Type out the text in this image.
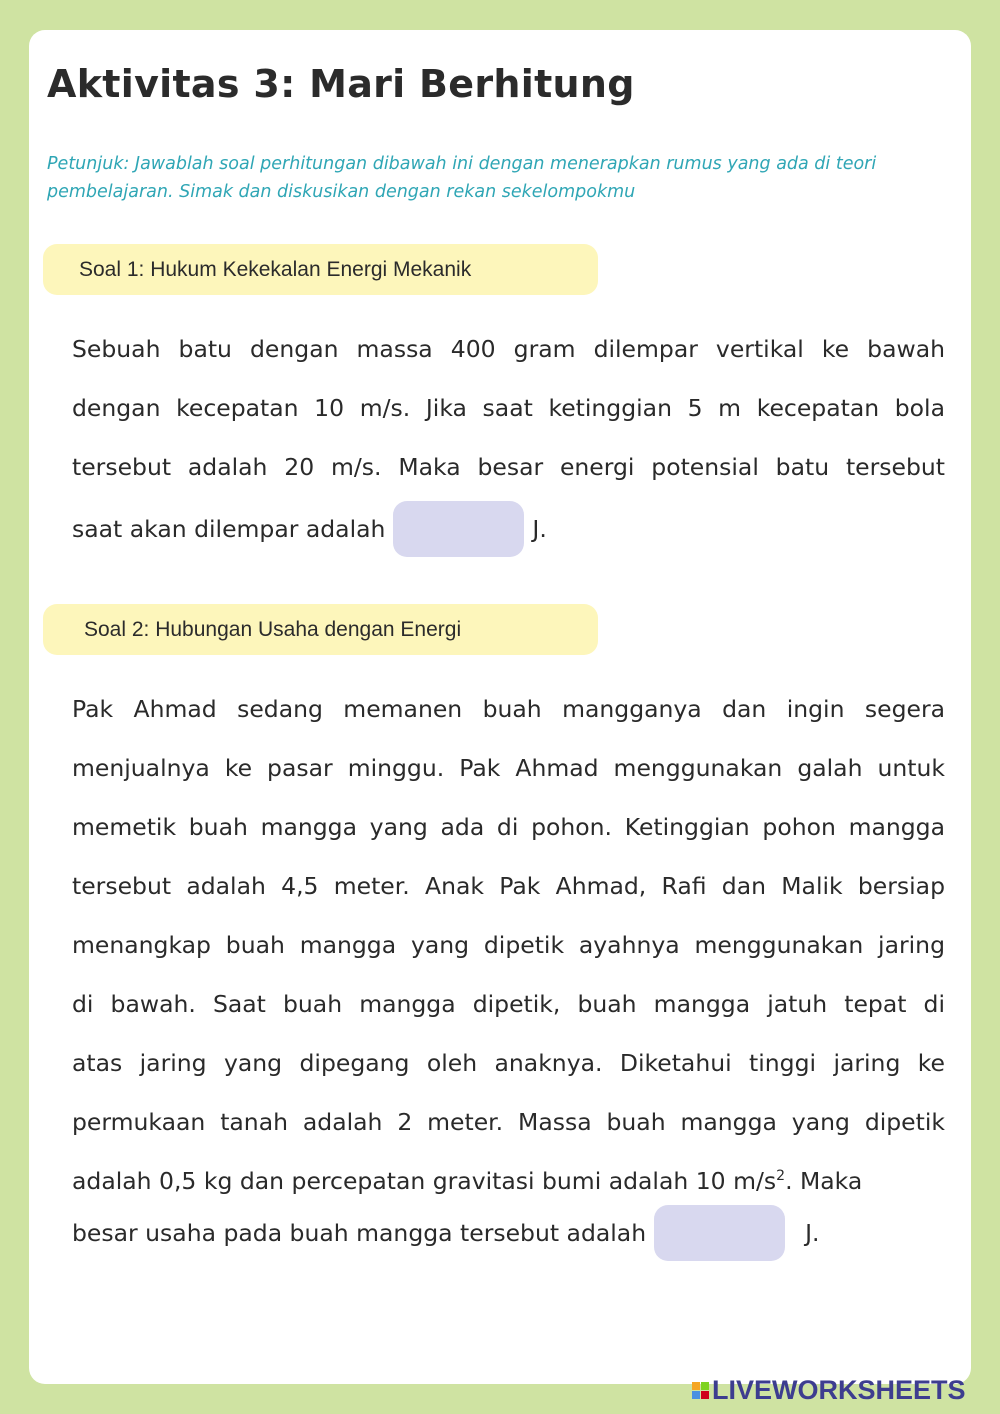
Aktivitas 3: Mari Berhitung
Petunjuk: Jawablah soal perhitungan dibawah ini dengan menerapkan rumus yang ada di teori
pembelajaran. Simak dan diskusikan dengan rekan sekelompokmu
Soal 1: Hukum Kekekalan Energi Mekanik

Sebuah batu dengan massa 400 gram dilempar vertikal ke bawah

dengan kecepatan 10 m/s. Jika saat ketinggian 5 m kecepatan bola

tersebut adalah 20 m/s. Maka besar energi potensial batu tersebut

saat akan dilempar adalah	J.
Soal 2: Hubungan Usaha dengan Energi

Pak Ahmad sedang memanen buah mangganya dan ingin segera

menjualnya ke pasar minggu. Pak Ahmad menggunakan galah untuk

memetik buah mangga yang ada di pohon. Ketinggian pohon mangga

tersebut adalah 4,5 meter. Anak Pak Ahmad, Rafi dan Malik bersiap

menangkap buah mangga yang dipetik ayahnya menggunakan jaring

di bawah. Saat buah mangga dipetik, buah mangga jatuh tepat di

atas jaring yang dipegang oleh anaknya. Diketahui tinggi jaring ke

permukaan tanah adalah 2 meter. Massa buah mangga yang dipetik

adalah 0,5 kg dan percepatan gravitasi bumi adalah 10 $m/s^2$. Maka
besar usaha pada buah mangga tersebut adalah	J.
LIVEWORKSHEETS
